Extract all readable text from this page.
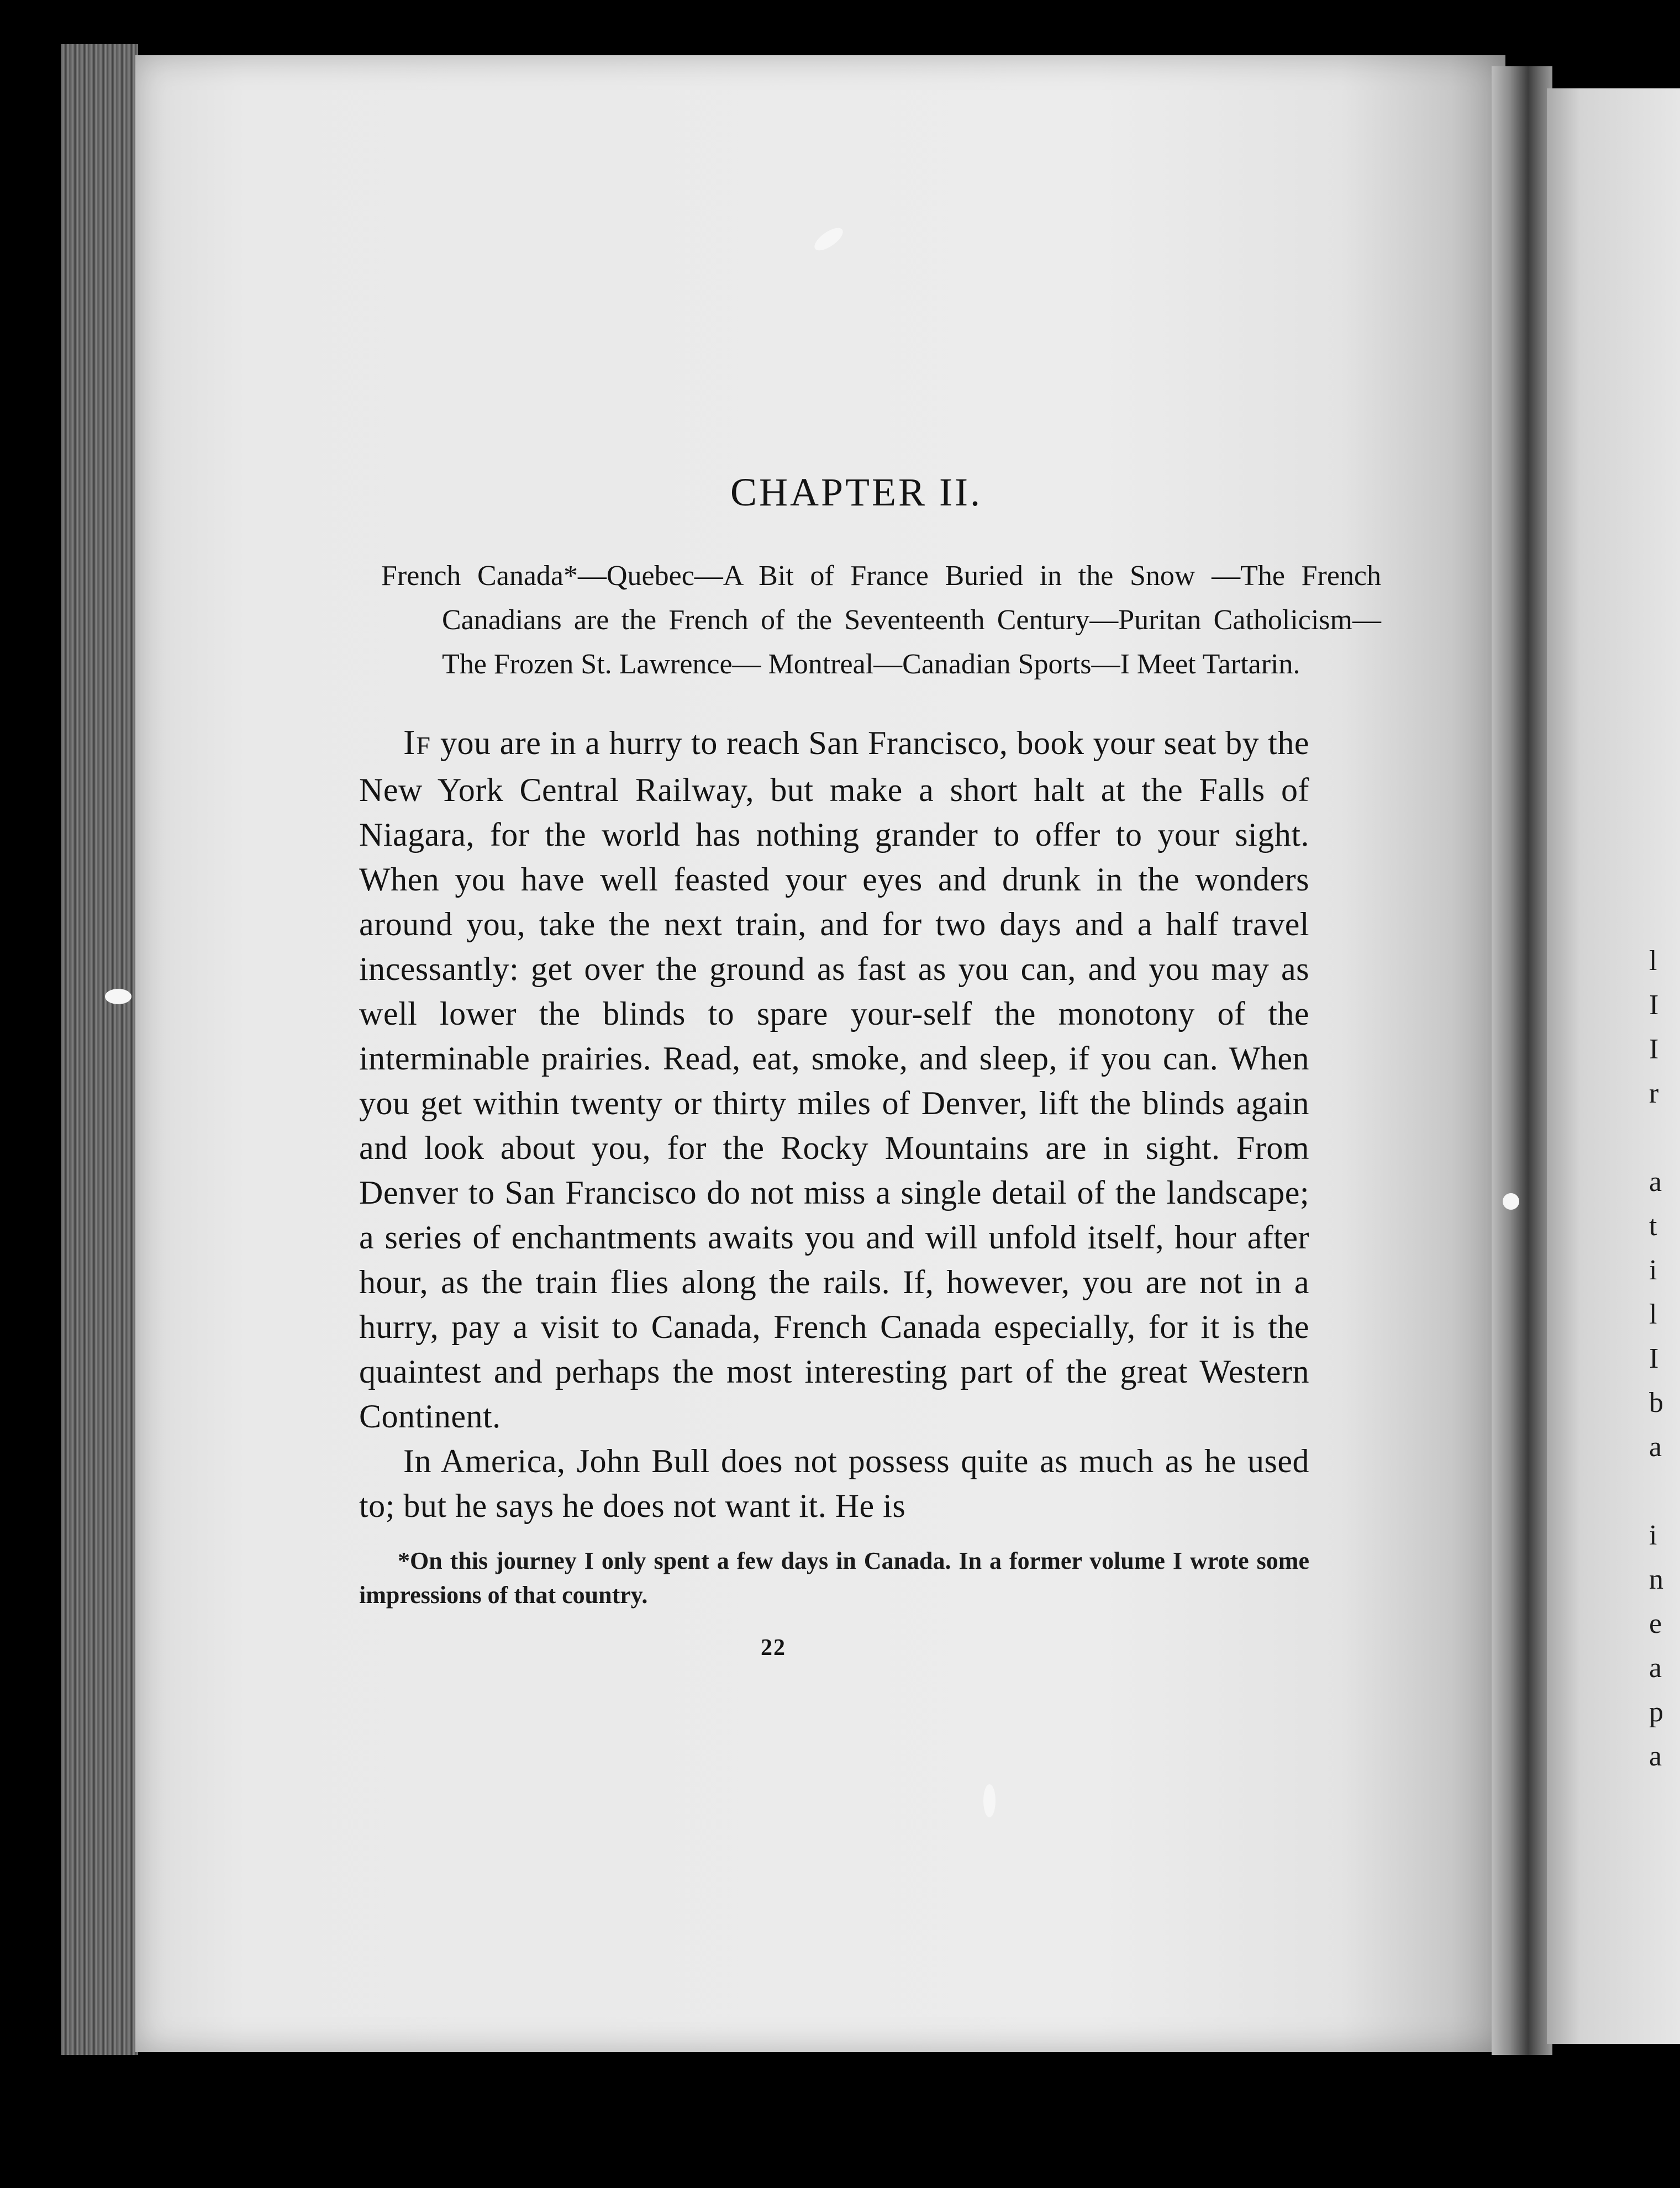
l
I
I
r
a
t
i
l
I
b
a
i
n
e
a
p
a
CHAPTER II.

French Canada*—Quebec—A Bit of France Buried in the Snow —The French Canadians are the French of the Seventeenth Century—Puritan Catholicism—The Frozen St. Lawrence— Montreal—Canadian Sports—I Meet Tartarin.

IF you are in a hurry to reach San Francisco, book your seat by the New York Central Railway, but make a short halt at the Falls of Niagara, for the world has nothing grander to offer to your sight. When you have well feasted your eyes and drunk in the wonders around you, take the next train, and for two days and a half travel incessantly: get over the ground as fast as you can, and you may as well lower the blinds to spare your-self the monotony of the interminable prairies. Read, eat, smoke, and sleep, if you can. When you get within twenty or thirty miles of Denver, lift the blinds again and look about you, for the Rocky Mountains are in sight. From Denver to San Francisco do not miss a single detail of the landscape; a series of enchantments awaits you and will unfold itself, hour after hour, as the train flies along the rails. If, however, you are not in a hurry, pay a visit to Canada, French Canada especially, for it is the quaintest and perhaps the most interesting part of the great Western Continent.

In America, John Bull does not possess quite as much as he used to; but he says he does not want it. He is

*On this journey I only spent a few days in Canada. In a former volume I wrote some impressions of that country.

22
